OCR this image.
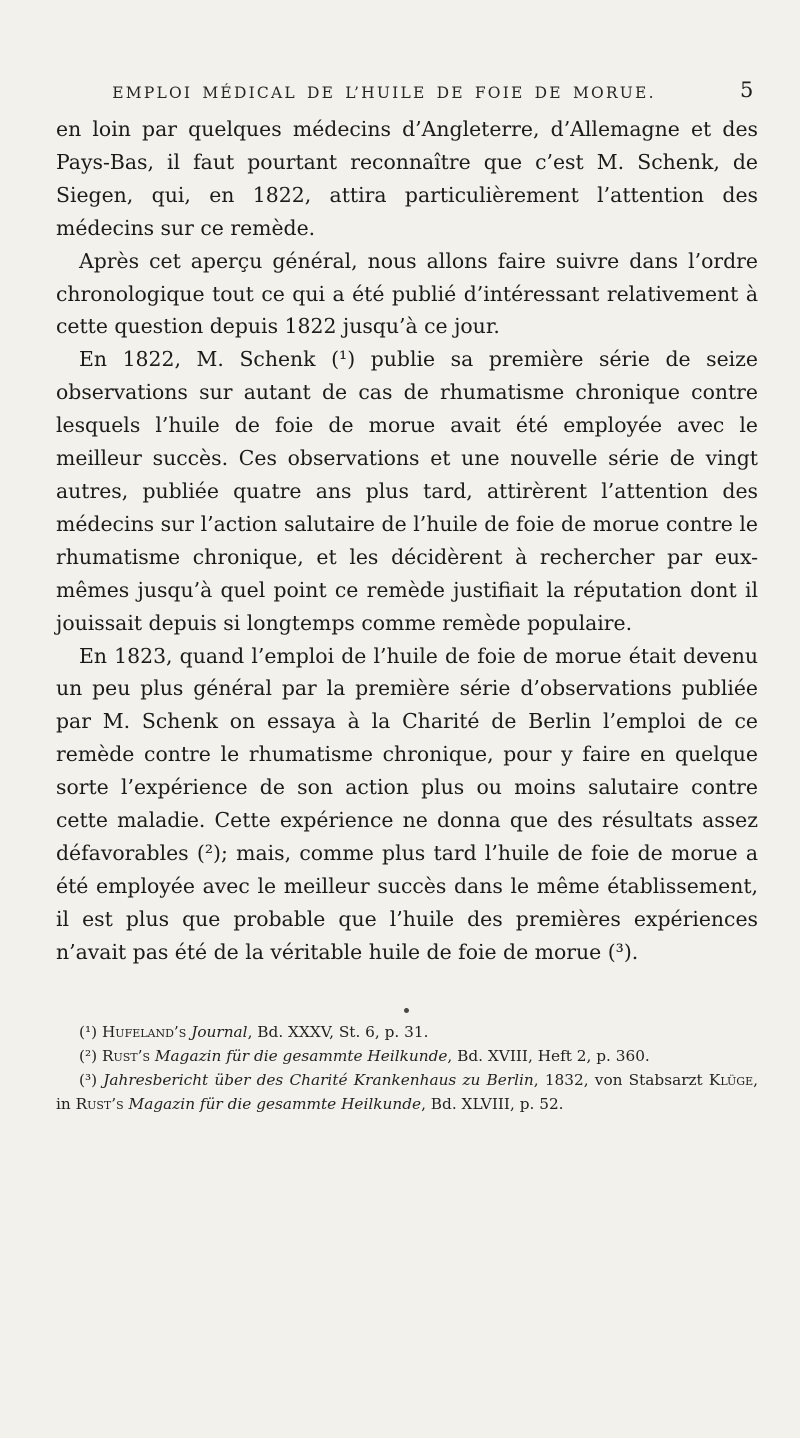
EMPLOI MÉDICAL DE L’HUILE DE FOIE DE MORUE.	5

en loin par quelques médecins d’Angleterre, d’Allemagne et des Pays-Bas, il faut pourtant reconnaître que c’est M. Schenk, de Siegen, qui, en 1822, attira particulièrement l’attention des médecins sur ce remède.

Après cet aperçu général, nous allons faire suivre dans l’ordre chronologique tout ce qui a été publié d’intéressant relativement à cette question depuis 1822 jusqu’à ce jour.

En 1822, M. Schenk (¹) publie sa première série de seize observations sur autant de cas de rhumatisme chronique contre lesquels l’huile de foie de morue avait été employée avec le meilleur succès. Ces observations et une nouvelle série de vingt autres, publiée quatre ans plus tard, attirèrent l’attention des médecins sur l’action salutaire de l’huile de foie de morue contre le rhumatisme chronique, et les décidèrent à rechercher par eux-mêmes jusqu’à quel point ce remède justifiait la réputation dont il jouissait depuis si longtemps comme remède populaire.

En 1823, quand l’emploi de l’huile de foie de morue était devenu un peu plus général par la première série d’observations publiée par M. Schenk on essaya à la Charité de Berlin l’emploi de ce remède contre le rhumatisme chronique, pour y faire en quelque sorte l’expérience de son action plus ou moins salutaire contre cette maladie. Cette expérience ne donna que des résultats assez défavorables (²); mais, comme plus tard l’huile de foie de morue a été employée avec le meilleur succès dans le même établissement, il est plus que probable que l’huile des premières expériences n’avait pas été de la véritable huile de foie de morue (³).

(¹) Hufeland’s Journal, Bd. XXXV, St. 6, p. 31.

(²) Rust’s Magazin für die gesammte Heilkunde, Bd. XVIII, Heft 2, p. 360.

(³) Jahresbericht über des Charité Krankenhaus zu Berlin, 1832, von Stabsarzt Klüge, in Rust’s Magazin für die gesammte Heilkunde, Bd. XLVIII, p. 52.
